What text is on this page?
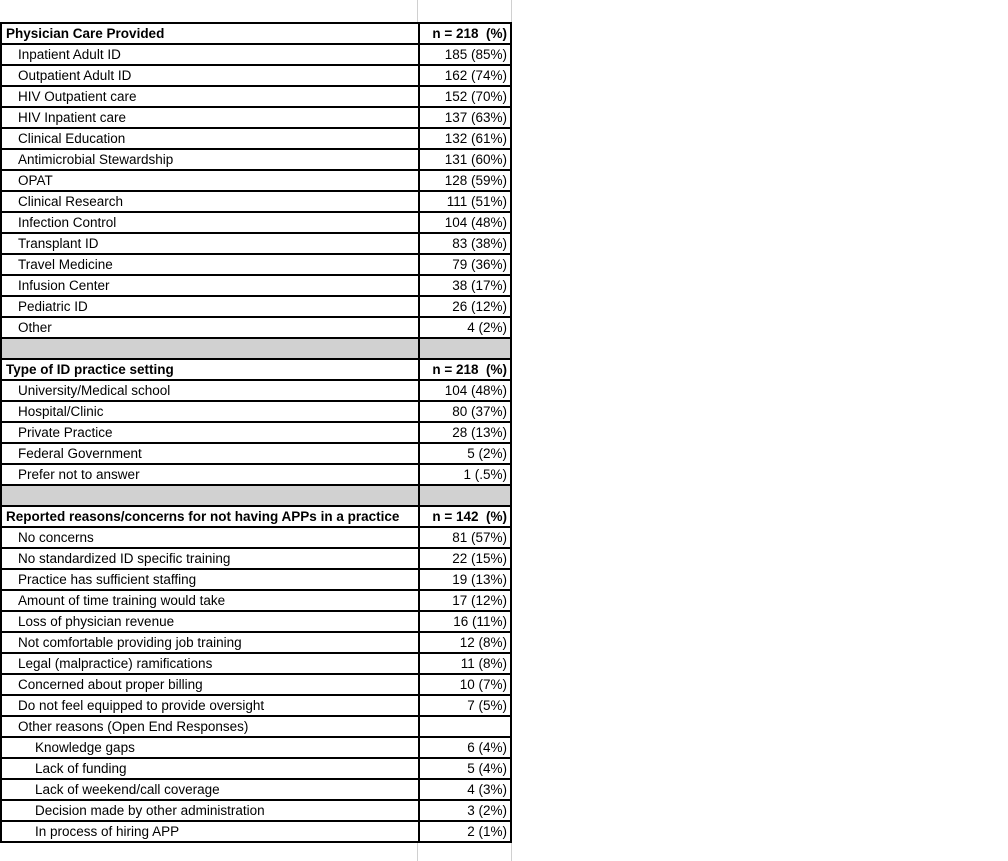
Physician Care Provided	n = 218  (%)
Inpatient Adult ID	185 (85%)
Outpatient Adult ID	162 (74%)
HIV Outpatient care	152 (70%)
HIV Inpatient care	137 (63%)
Clinical Education	132 (61%)
Antimicrobial Stewardship	131 (60%)
OPAT	128 (59%)
Clinical Research	111 (51%)
Infection Control	104 (48%)
Transplant ID	83 (38%)
Travel Medicine	79 (36%)
Infusion Center	38 (17%)
Pediatric ID	26 (12%)
Other	4 (2%)
Type of ID practice setting	n = 218  (%)
University/Medical school	104 (48%)
Hospital/Clinic	80 (37%)
Private Practice	28 (13%)
Federal Government	5 (2%)
Prefer not to answer	1 (.5%)
Reported reasons/concerns for not having APPs in a practice	n = 142  (%)
No concerns	81 (57%)
No standardized ID specific training	22 (15%)
Practice has sufficient staffing	19 (13%)
Amount of time training would take	17 (12%)
Loss of physician revenue	16 (11%)
Not comfortable providing job training	12 (8%)
Legal (malpractice) ramifications	11 (8%)
Concerned about proper billing	10 (7%)
Do not feel equipped to provide oversight	7 (5%)
Other reasons (Open End Responses)
Knowledge gaps	6 (4%)
Lack of funding	5 (4%)
Lack of weekend/call coverage	4 (3%)
Decision made by other administration	3 (2%)
In process of hiring APP	2 (1%)
